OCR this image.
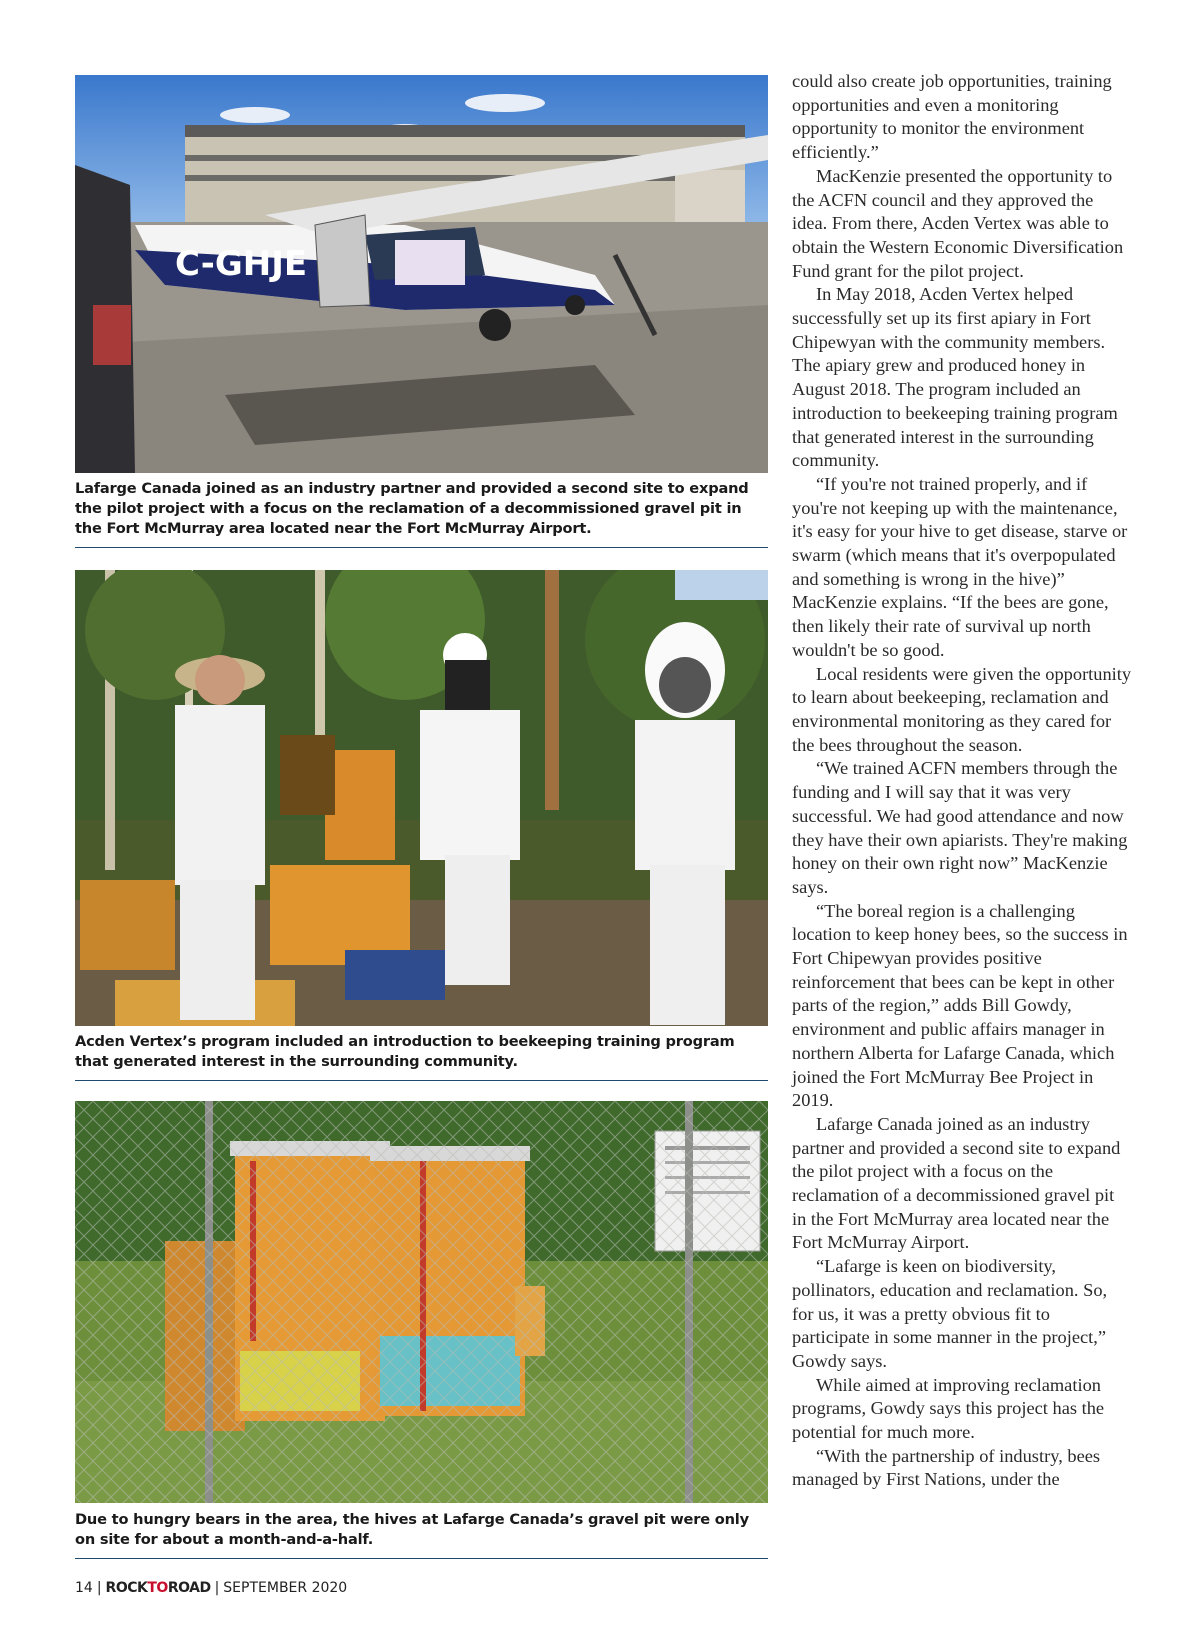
C-GHJE
Lafarge Canada joined as an industry partner and provided a second site to expand the pilot project with a focus on the reclamation of a decommissioned gravel pit in the Fort McMurray area located near the Fort McMurray Airport.
Acden Vertex’s program included an introduction to beekeeping training program that generated interest in the surrounding community.
Due to hungry bears in the area, the hives at Lafarge Canada’s gravel pit were only on site for about a month-and-a-half.

could also create job opportunities, training opportunities and even a monitoring opportunity to monitor the environment efficiently.”

MacKenzie presented the opportunity to the ACFN council and they approved the idea. From there, Acden Vertex was able to obtain the Western Economic Diversification Fund grant for the pilot project.

In May 2018, Acden Vertex helped successfully set up its first apiary in Fort Chipewyan with the community members. The apiary grew and produced honey in August 2018. The program included an introduction to beekeeping training program that generated interest in the surrounding community.

“If you're not trained properly, and if you're not keeping up with the maintenance, it's easy for your hive to get disease, starve or swarm (which means that it's overpopulated and something is wrong in the hive)” MacKenzie explains. “If the bees are gone, then likely their rate of survival up north wouldn't be so good.

Local residents were given the opportunity to learn about beekeeping, reclamation and environmental monitoring as they cared for the bees throughout the season.

“We trained ACFN members through the funding and I will say that it was very successful. We had good attendance and now they have their own apiarists. They're making honey on their own right now” MacKenzie says.

“The boreal region is a challenging location to keep honey bees, so the success in Fort Chipewyan provides positive reinforcement that bees can be kept in other parts of the region,” adds Bill Gowdy, environment and public affairs manager in northern Alberta for Lafarge Canada, which joined the Fort McMurray Bee Project in 2019.

Lafarge Canada joined as an industry partner and provided a second site to expand the pilot project with a focus on the reclamation of a decommissioned gravel pit in the Fort McMurray area located near the Fort McMurray Airport.

“Lafarge is keen on biodiversity, pollinators, education and reclamation. So, for us, it was a pretty obvious fit to participate in some manner in the project,” Gowdy says.

While aimed at improving reclamation programs, Gowdy says this project has the potential for much more.

“With the partnership of industry, bees managed by First Nations, under the

14 | ROCKTOROAD | SEPTEMBER 2020
